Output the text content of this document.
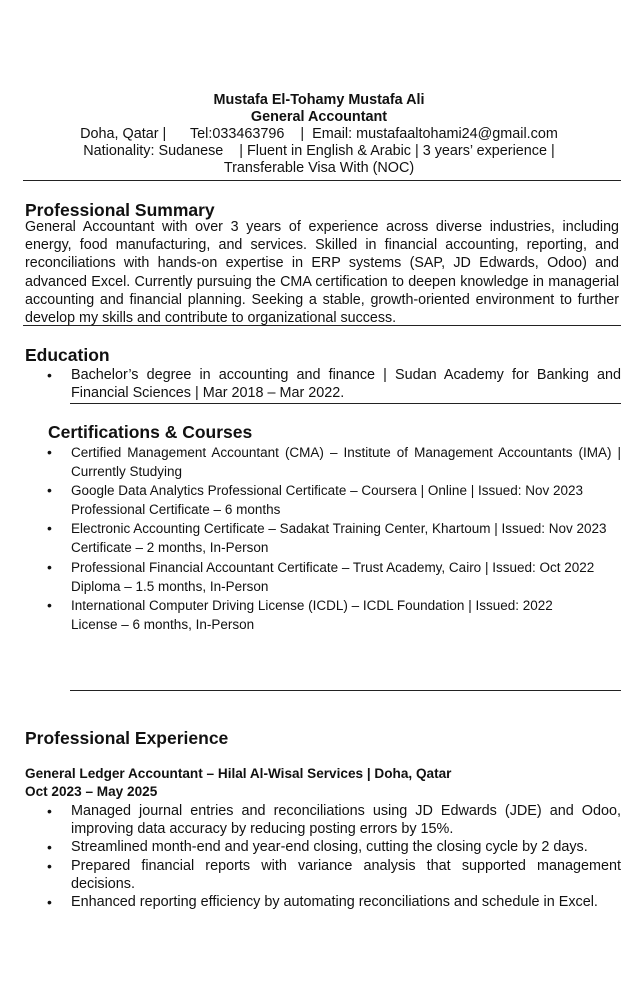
Mustafa El-Tohamy Mustafa Ali
General Accountant
Doha, Qatar |      Tel:033463796    |  Email: mustafaaltohami24@gmail.com
Nationality: Sudanese    | Fluent in English & Arabic | 3 years’ experience |
Transferable Visa With (NOC)
Professional Summary

General Accountant with over 3 years of experience across diverse industries, including energy, food manufacturing, and services. Skilled in financial accounting, reporting, and reconciliations with hands-on expertise in ERP systems (SAP, JD Edwards, Odoo) and advanced Excel. Currently pursuing the CMA certification to deepen knowledge in managerial accounting and financial planning. Seeking a stable, growth-oriented environment to further develop my skills and contribute to organizational success.

Education
• Bachelor’s degree in accounting and finance | Sudan Academy for Banking and Financial Sciences | Mar 2018 – Mar 2022.
Certifications & Courses
• Certified Management Accountant (CMA) – Institute of Management Accountants (IMA) | Currently Studying
• Google Data Analytics Professional Certificate – Coursera | Online | Issued: Nov 2023
Professional Certificate – 6 months
• Electronic Accounting Certificate – Sadakat Training Center, Khartoum | Issued: Nov 2023
Certificate – 2 months, In-Person
• Professional Financial Accountant Certificate – Trust Academy, Cairo | Issued: Oct 2022
Diploma – 1.5 months, In-Person
• International Computer Driving License (ICDL) – ICDL Foundation | Issued: 2022
License – 6 months, In-Person
Professional Experience
General Ledger Accountant – Hilal Al-Wisal Services | Doha, Qatar
Oct 2023 – May 2025
• Managed journal entries and reconciliations using JD Edwards (JDE) and Odoo, improving data accuracy by reducing posting errors by 15%.
• Streamlined month-end and year-end closing, cutting the closing cycle by 2 days.
• Prepared financial reports with variance analysis that supported management decisions.
• Enhanced reporting efficiency by automating reconciliations and schedule in Excel.
